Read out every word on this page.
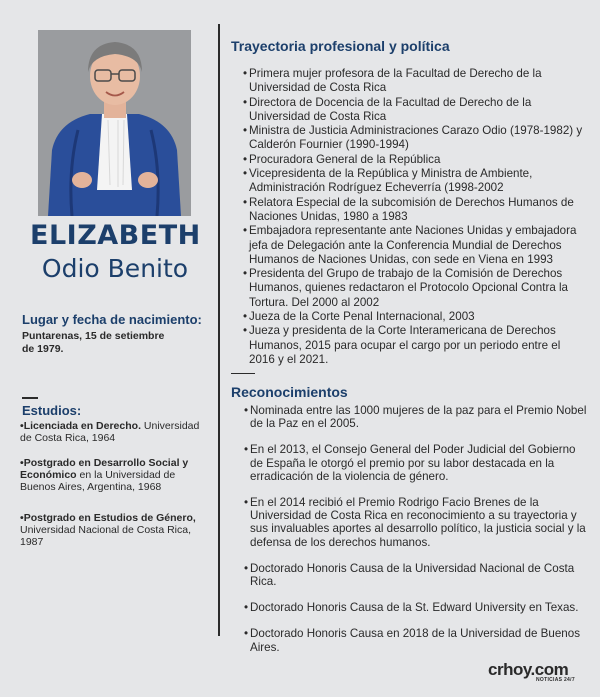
ELIZABETH
Odio Benito
Lugar y fecha de nacimiento:
Puntarenas, 15 de setiembre de 1979.
Estudios:
•Licenciada en Derecho. Universidad de Costa Rica, 1964
•Postgrado en Desarrollo Social y Económico en la Universidad de Buenos Aires, Argentina, 1968
•Postgrado en Estudios de Género, Universidad Nacional de Costa Rica, 1987
Trayectoria profesional y política
• Primera mujer profesora de la Facultad de Derecho de la Universidad de Costa Rica
• Directora de Docencia de la Facultad de Derecho de la Universidad de Costa Rica
• Ministra de Justicia Administraciones Carazo Odio (1978-1982) y Calderón Fournier (1990-1994)
• Procuradora General de la República
• Vicepresidenta de la República y Ministra de Ambiente, Administración Rodríguez Echeverría (1998-2002
• Relatora Especial de la subcomisión de Derechos Humanos de Naciones Unidas, 1980 a 1983
• Embajadora representante ante Naciones Unidas y embajadora jefa de Delegación ante la Conferencia Mundial de Derechos Humanos de Naciones Unidas, con sede en Viena en 1993
• Presidenta del Grupo de trabajo de la Comisión de Derechos Humanos, quienes redactaron el Protocolo Opcional Contra la Tortura. Del 2000 al 2002
• Jueza de la Corte Penal Internacional, 2003
• Jueza y presidenta de la Corte Interamericana de Derechos Humanos, 2015 para ocupar el cargo por un periodo entre el 2016 y el 2021.
Reconocimientos
• Nominada entre las 1000 mujeres de la paz para el Premio Nobel de la Paz en el 2005.
• En el 2013, el Consejo General del Poder Judicial del Gobierno de España le otorgó el premio por su labor destacada en la erradicación de la violencia de género.
• En el 2014 recibió el Premio Rodrigo Facio Brenes de la Universidad de Costa Rica en reconocimiento a su trayectoria y sus invaluables aportes al desarrollo político, la justicia social y la defensa de los derechos humanos.
• Doctorado Honoris Causa de la Universidad Nacional de Costa Rica.
• Doctorado Honoris Causa de la St. Edward University en Texas.
• Doctorado Honoris Causa en 2018 de la Universidad de Buenos Aires.
crhoy.com
NOTICIAS 24/7
